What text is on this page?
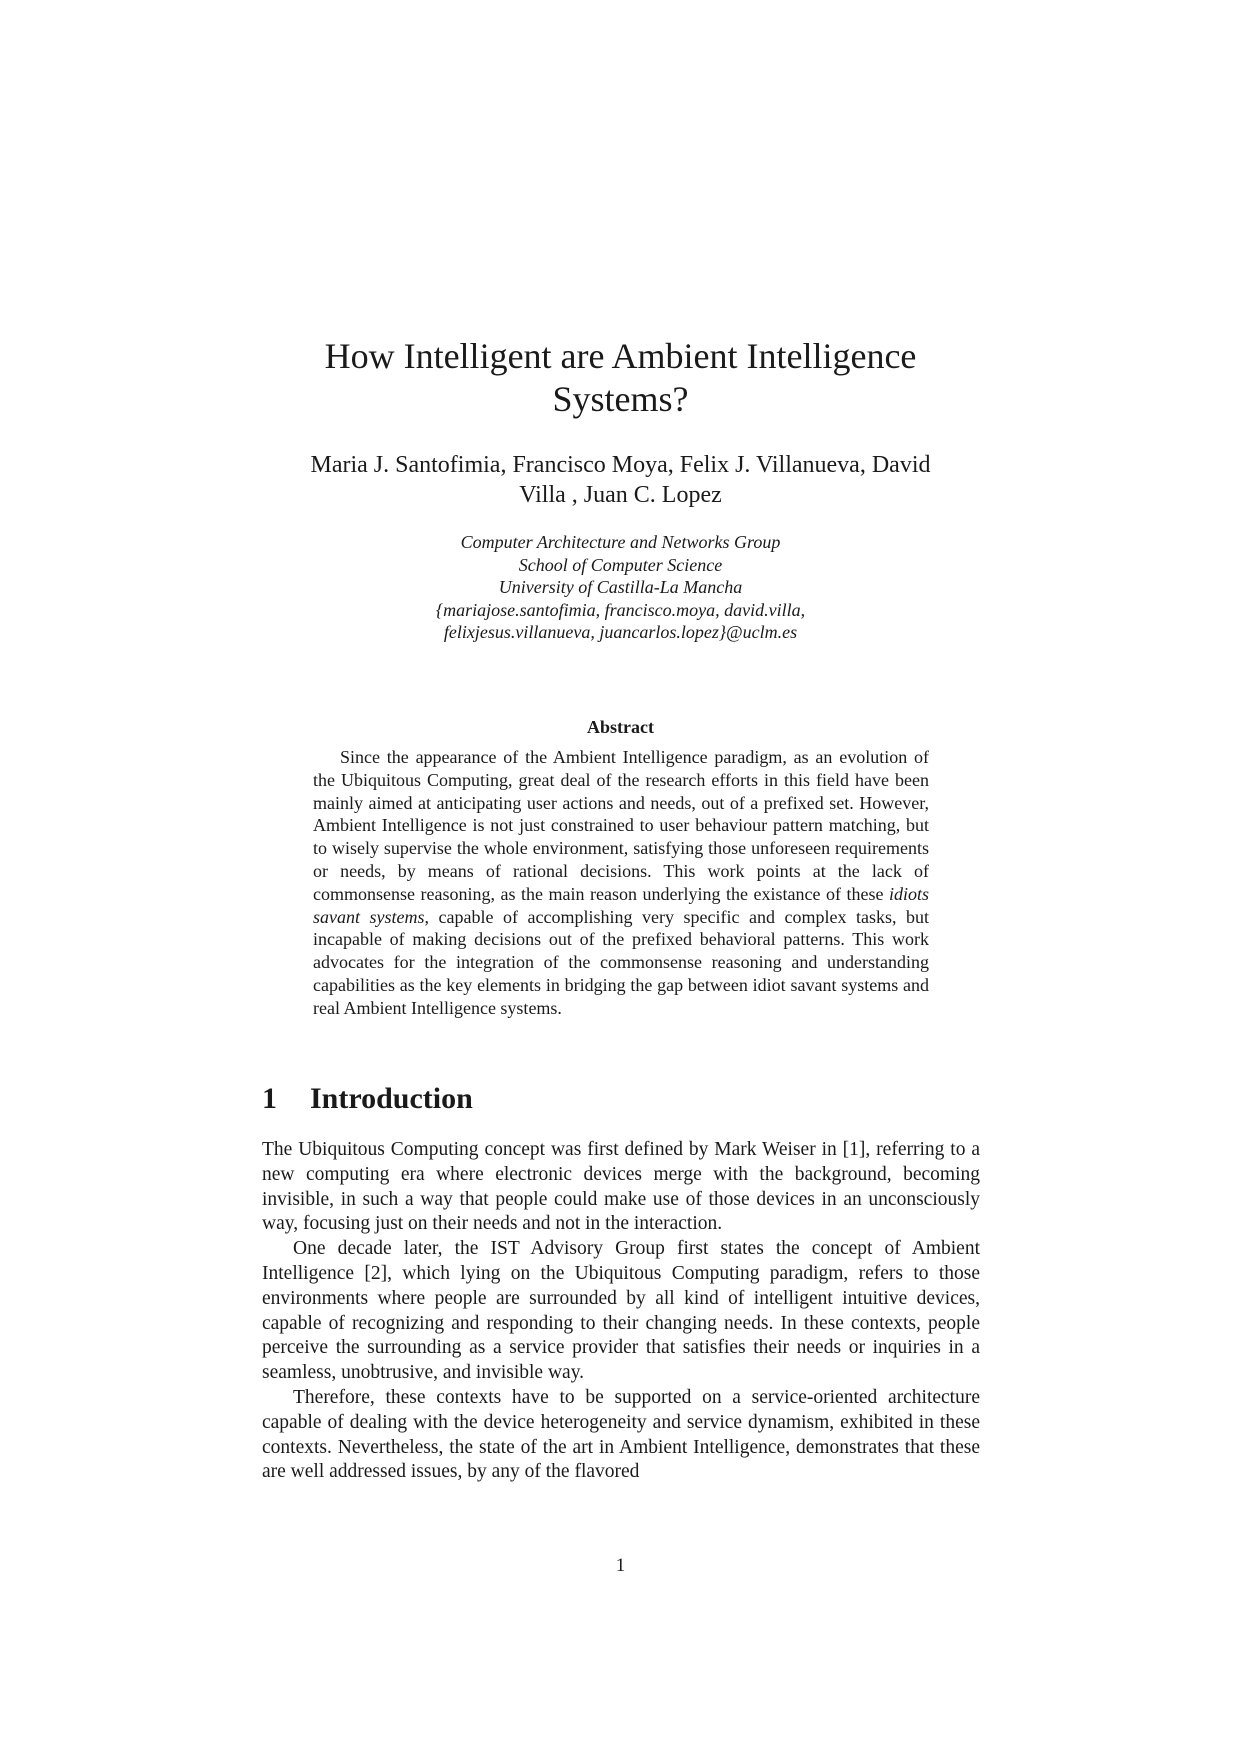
How Intelligent are Ambient Intelligence
Systems?
Maria J. Santofimia, Francisco Moya, Felix J. Villanueva, David
Villa , Juan C. Lopez
Computer Architecture and Networks Group
School of Computer Science
University of Castilla-La Mancha
{mariajose.santofimia, francisco.moya, david.villa,
felixjesus.villanueva, juancarlos.lopez}@uclm.es
Abstract
Since the appearance of the Ambient Intelligence paradigm, as an evolution of the Ubiquitous Computing, great deal of the research efforts in this field have been mainly aimed at anticipating user actions and needs, out of a prefixed set. However, Ambient Intelligence is not just constrained to user behaviour pattern matching, but to wisely supervise the whole environment, satisfying those unforeseen requirements or needs, by means of rational decisions. This work points at the lack of commonsense reasoning, as the main reason underlying the existance of these idiots savant systems, capable of accomplishing very specific and complex tasks, but incapable of making decisions out of the prefixed behavioral patterns. This work advocates for the integration of the commonsense reasoning and understanding capabilities as the key elements in bridging the gap between idiot savant systems and real Ambient Intelligence systems.
1 Introduction

The Ubiquitous Computing concept was first defined by Mark Weiser in [1], referring to a new computing era where electronic devices merge with the background, becoming invisible, in such a way that people could make use of those devices in an unconsciously way, focusing just on their needs and not in the interaction.

One decade later, the IST Advisory Group first states the concept of Ambient Intelligence [2], which lying on the Ubiquitous Computing paradigm, refers to those environments where people are surrounded by all kind of intelligent intuitive devices, capable of recognizing and responding to their changing needs. In these contexts, people perceive the surrounding as a service provider that satisfies their needs or inquiries in a seamless, unobtrusive, and invisible way.

Therefore, these contexts have to be supported on a service-oriented architecture capable of dealing with the device heterogeneity and service dynamism, exhibited in these contexts. Nevertheless, the state of the art in Ambient Intelligence, demonstrates that these are well addressed issues, by any of the flavored

1
